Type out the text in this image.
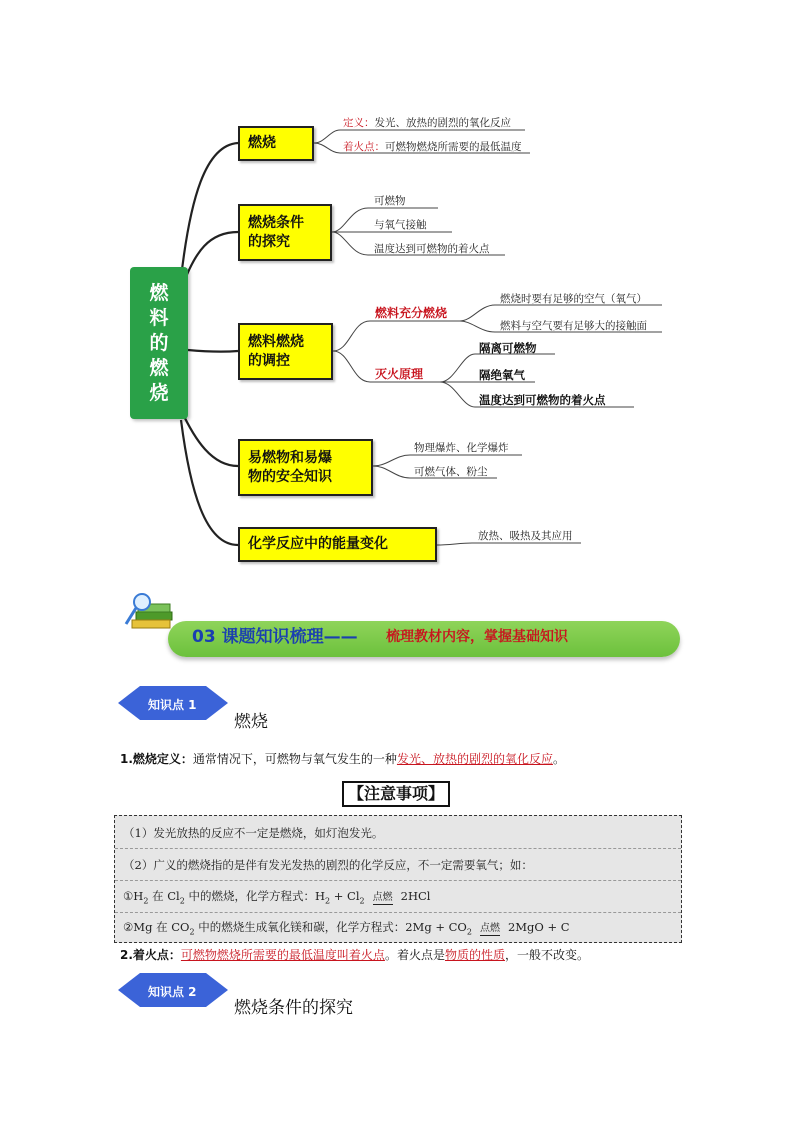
燃
料
的
燃
烧
燃烧
定义：发光、放热的剧烈的氧化反应
着火点：可燃物燃烧所需要的最低温度
燃烧条件
的探究
可燃物
与氧气接触
温度达到可燃物的着火点
燃料燃烧
的调控
燃料充分燃烧
燃烧时要有足够的空气（氧气）
燃料与空气要有足够大的接触面
灭火原理
隔离可燃物
隔绝氧气
温度达到可燃物的着火点
易燃物和易爆
物的安全知识
物理爆炸、化学爆炸
可燃气体、粉尘
化学反应中的能量变化	放热、吸热及其应用
03 课题知识梳理—— 梳理教材内容，掌握基础知识
知识点 1
燃烧
1.燃烧定义：通常情况下，可燃物与氧气发生的一种发光、放热的剧烈的氧化反应。
【注意事项】
（1）发光放热的反应不一定是燃烧，如灯泡发光。
（2）广义的燃烧指的是伴有发光发热的剧烈的化学反应，不一定需要氧气；如：
$①H_2$ 在 $Cl_2$ 中的燃烧，化学方程式：$H_2 + Cl_2$ 点燃 2HCl
②Mg 在 $CO_2$ 中的燃烧生成氧化镁和碳，化学方程式：$2Mg + CO_2$ 点燃 2MgO + C
2.着火点：可燃物燃烧所需要的最低温度叫着火点。着火点是物质的性质，一般不改变。
知识点 2
燃烧条件的探究
